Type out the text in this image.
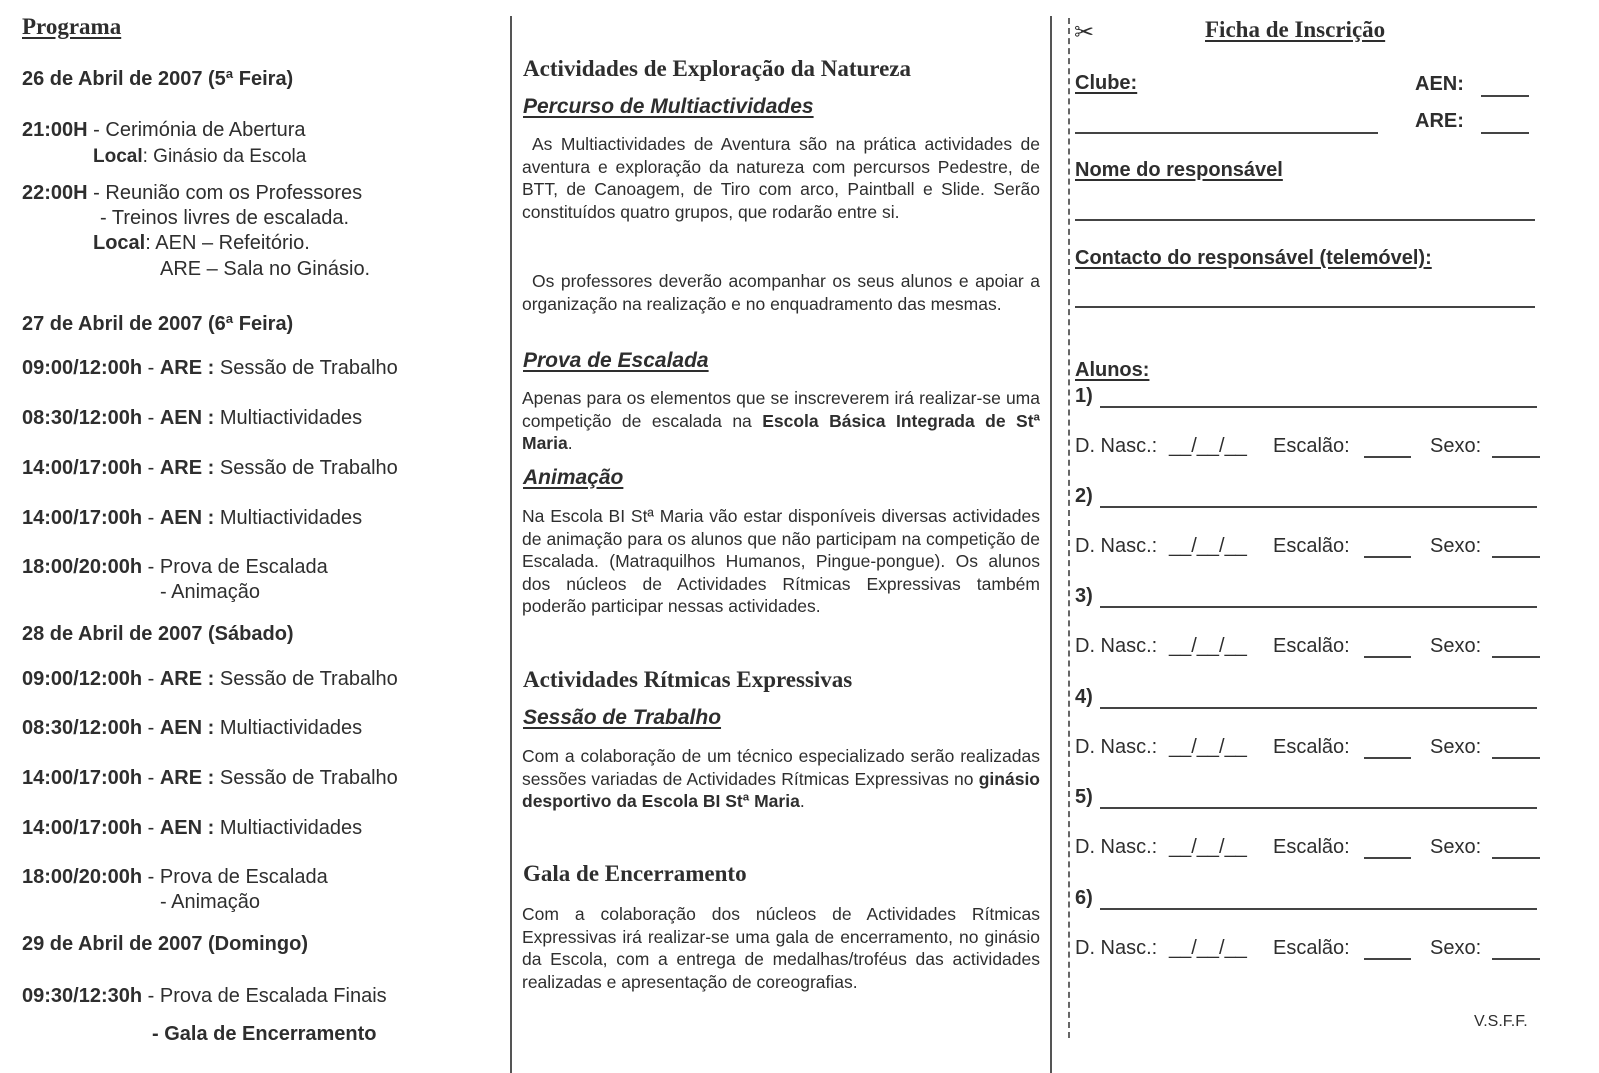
Programa
26 de Abril de 2007 (5ª Feira)
21:00H - Cerimónia de Abertura
Local: Ginásio da Escola
22:00H - Reunião com os Professores
- Treinos livres de escalada.
Local: AEN – Refeitório.
ARE – Sala no Ginásio.
27 de Abril de 2007 (6ª Feira)
09:00/12:00h - ARE : Sessão de Trabalho
08:30/12:00h - AEN : Multiactividades
14:00/17:00h - ARE : Sessão de Trabalho
14:00/17:00h - AEN : Multiactividades
18:00/20:00h - Prova de Escalada
- Animação
28 de Abril de 2007 (Sábado)
09:00/12:00h - ARE : Sessão de Trabalho
08:30/12:00h - AEN : Multiactividades
14:00/17:00h - ARE : Sessão de Trabalho
14:00/17:00h - AEN : Multiactividades
18:00/20:00h - Prova de Escalada
- Animação
29 de Abril de 2007 (Domingo)
09:30/12:30h - Prova de Escalada Finais
- Gala de Encerramento
Actividades de Exploração da Natureza
Percurso de Multiactividades
As Multiactividades de Aventura são na prática actividades de aventura e exploração da natureza com percursos Pedestre, de BTT, de Canoagem, de Tiro com arco, Paintball e Slide. Serão constituídos quatro grupos, que rodarão entre si.
Os professores deverão acompanhar os seus alunos e apoiar a organização na realização e no enquadramento das mesmas.
Prova de Escalada
Apenas para os elementos que se inscreverem irá realizar-se uma competição de escalada na Escola Básica Integrada de Stª Maria.
Animação
Na Escola BI Stª Maria vão estar disponíveis diversas actividades de animação para os alunos que não participam na competição de Escalada. (Matraquilhos Humanos, Pingue-pongue). Os alunos dos núcleos de Actividades Rítmicas Expressivas também poderão participar nessas actividades.
Actividades Rítmicas Expressivas
Sessão de Trabalho
Com a colaboração de um técnico especializado serão realizadas sessões variadas de Actividades Rítmicas Expressivas no ginásio desportivo da Escola BI Stª Maria.
Gala de Encerramento
Com a colaboração dos núcleos de Actividades Rítmicas Expressivas irá realizar-se uma gala de encerramento, no ginásio da Escola, com a entrega de medalhas/troféus das actividades realizadas e apresentação de coreografias.
✂	Ficha de Inscrição
Clube:	AEN:
ARE:
Nome do responsável
Contacto do responsável (telemóvel):
Alunos:
1)
D. Nasc.: __/__/__ Escalão:	Sexo:
2)
D. Nasc.: __/__/__ Escalão:	Sexo:
3)
D. Nasc.: __/__/__ Escalão:	Sexo:
4)
D. Nasc.: __/__/__ Escalão:	Sexo:
5)
D. Nasc.: __/__/__ Escalão:	Sexo:
6)
D. Nasc.: __/__/__ Escalão:	Sexo:
V.S.F.F.
